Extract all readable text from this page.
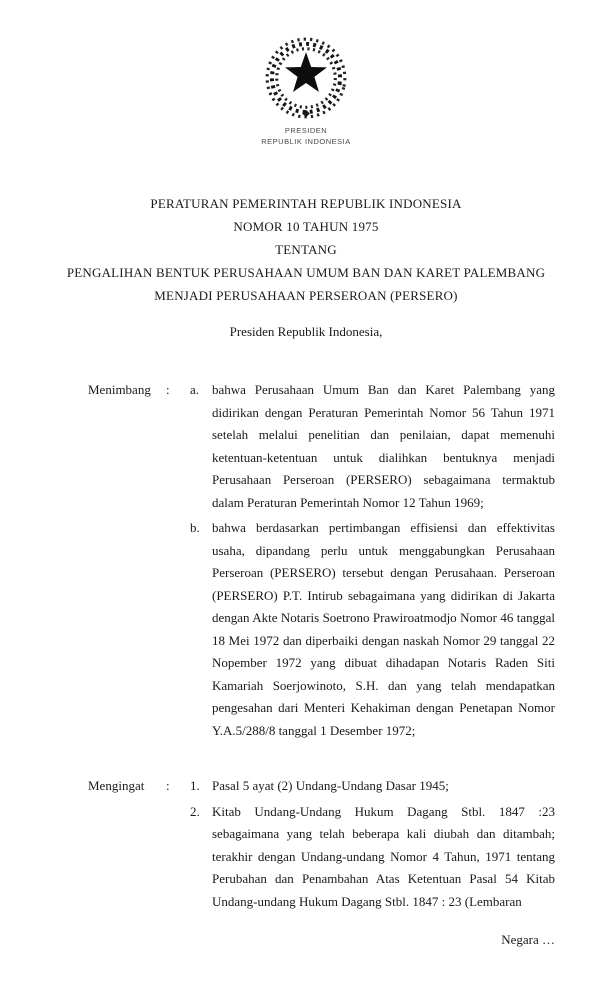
PRESIDEN
REPUBLIK INDONESIA
PERATURAN PEMERINTAH REPUBLIK INDONESIA
NOMOR 10 TAHUN 1975
TENTANG
PENGALIHAN BENTUK PERUSAHAAN UMUM BAN DAN KARET PALEMBANG
MENJADI PERUSAHAAN PERSEROAN (PERSERO)
Presiden Republik Indonesia,
Menimbang	:	a. bahwa Perusahaan Umum Ban dan Karet Palembang yang didirikan dengan Peraturan Pemerintah Nomor 56 Tahun 1971 setelah melalui penelitian dan penilaian, dapat memenuhi ketentuan-ketentuan untuk dialihkan bentuknya menjadi Perusahaan Perseroan (PERSERO) sebagaimana termaktub dalam Peraturan Pemerintah Nomor 12 Tahun 1969;
b. bahwa berdasarkan pertimbangan effisiensi dan effektivitas usaha, dipandang perlu untuk menggabungkan Perusahaan Perseroan (PERSERO) tersebut dengan Perusahaan. Perseroan (PERSERO) P.T. Intirub sebagaimana yang didirikan di Jakarta dengan Akte Notaris Soetrono Prawiroatmodjo Nomor 46 tanggal 18 Mei 1972 dan diperbaiki dengan naskah Nomor 29 tanggal 22 Nopember 1972 yang dibuat dihadapan Notaris Raden Siti Kamariah Soerjowinoto, S.H. dan yang telah mendapatkan pengesahan dari Menteri Kehakiman dengan Penetapan Nomor Y.A.5/288/8 tanggal 1 Desember 1972;
Mengingat	:	1. Pasal 5 ayat (2) Undang-Undang Dasar 1945;
2. Kitab Undang-Undang Hukum Dagang Stbl. 1847 :23 sebagaimana yang telah beberapa kali diubah dan ditambah; terakhir dengan Undang-undang Nomor 4 Tahun, 1971 tentang Perubahan dan Penambahan Atas Ketentuan Pasal 54 Kitab Undang-undang Hukum Dagang Stbl. 1847 : 23 (Lembaran
Negara …
